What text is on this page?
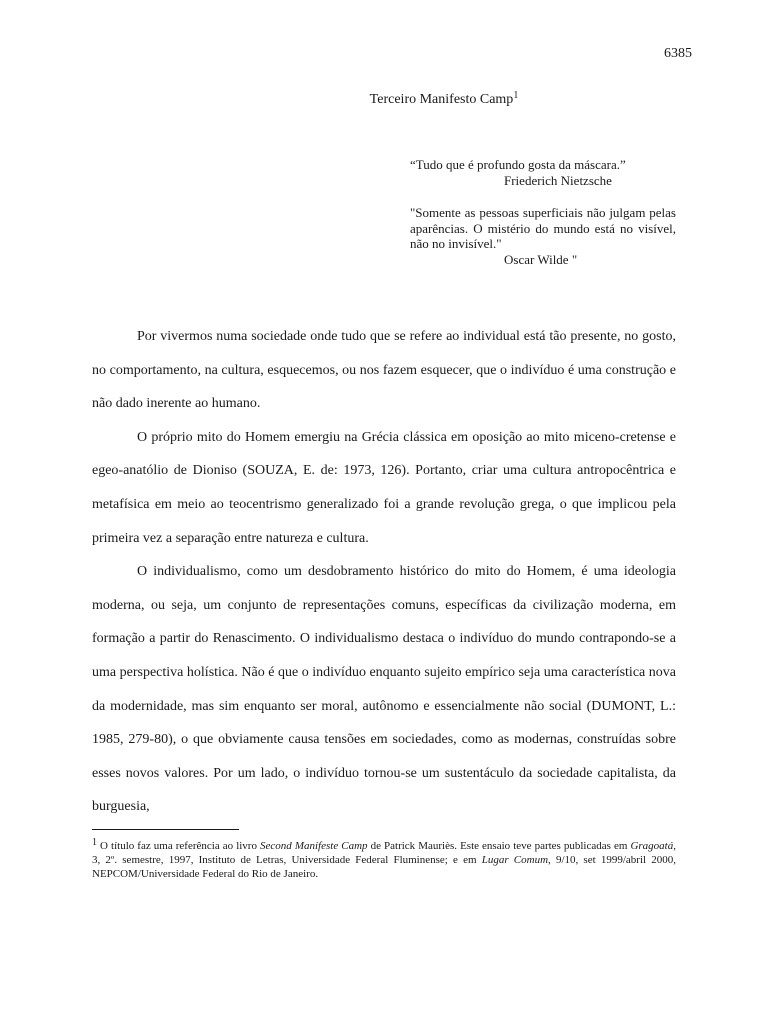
6385
Terceiro Manifesto Camp$^1$
“Tudo que é profundo gosta da máscara.”
Friederich Nietzsche
"Somente as pessoas superficiais não julgam pelas aparências. O mistério do mundo está no visível, não no invisível."
Oscar Wilde "

Por vivermos numa sociedade onde tudo que se refere ao individual está tão presente, no gosto, no comportamento, na cultura, esquecemos, ou nos fazem esquecer, que o indivíduo é uma construção e não dado inerente ao humano.

O próprio mito do Homem emergiu na Grécia clássica em oposição ao mito miceno-cretense e egeo-anatólio de Dioniso (SOUZA, E. de: 1973, 126). Portanto, criar uma cultura antropocêntrica e metafísica em meio ao teocentrismo generalizado foi a grande revolução grega, o que implicou pela primeira vez a separação entre natureza e cultura.

O individualismo, como um desdobramento histórico do mito do Homem, é uma ideologia moderna, ou seja, um conjunto de representações comuns, específicas da civilização moderna, em formação a partir do Renascimento. O individualismo destaca o indivíduo do mundo contrapondo-se a uma perspectiva holística. Não é que o indivíduo enquanto sujeito empírico seja uma característica nova da modernidade, mas sim enquanto ser moral, autônomo e essencialmente não social (DUMONT, L.: 1985, 279-80), o que obviamente causa tensões em sociedades, como as modernas, construídas sobre esses novos valores. Por um lado, o indivíduo tornou-se um sustentáculo da sociedade capitalista, da burguesia,

1 O título faz uma referência ao livro Second Manifeste Camp de Patrick Mauriès. Este ensaio teve partes publicadas em Gragoatá, 3, 2º. semestre, 1997, Instituto de Letras, Universidade Federal Fluminense; e em Lugar Comum, 9/10, set 1999/abril 2000, NEPCOM/Universidade Federal do Rio de Janeiro.
